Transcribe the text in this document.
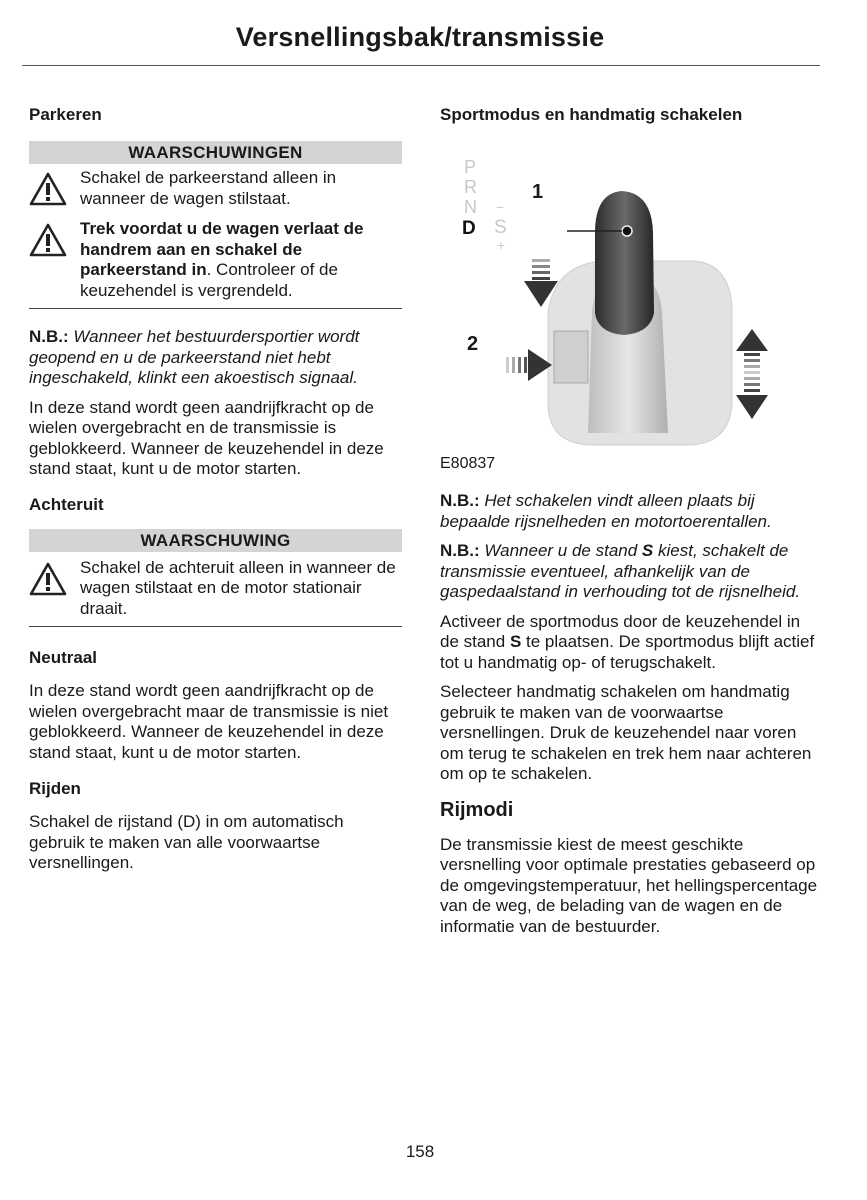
Versnellingsbak/transmissie
Parkeren
WAARSCHUWINGEN
Schakel de parkeerstand alleen in wanneer de wagen stilstaat.
Trek voordat u de wagen verlaat de handrem aan en schakel de parkeerstand in. Controleer of de keuzehendel is vergrendeld.

N.B.: Wanneer het bestuurdersportier wordt geopend en u de parkeerstand niet hebt ingeschakeld, klinkt een akoestisch signaal.

In deze stand wordt geen aandrijfkracht op de wielen overgebracht en de transmissie is geblokkeerd. Wanneer de keuzehendel in deze stand staat, kunt u de motor starten.

Achteruit
WAARSCHUWING
Schakel de achteruit alleen in wanneer de wagen stilstaat en de motor stationair draait.
Neutraal

In deze stand wordt geen aandrijfkracht op de wielen overgebracht maar de transmissie is niet geblokkeerd. Wanneer de keuzehendel in deze stand staat, kunt u de motor starten.

Rijden

Schakel de rijstand (D) in om automatisch gebruik te maken van alle voorwaartse versnellingen.

Sportmodus en handmatig schakelen
P
R
N
D
−
S
+
1
2
E80837

N.B.: Het schakelen vindt alleen plaats bij bepaalde rijsnelheden en motortoerentallen.

N.B.: Wanneer u de stand S kiest, schakelt de transmissie eventueel, afhankelijk van de gaspedaalstand in verhouding tot de rijsnelheid.

Activeer de sportmodus door de keuzehendel in de stand S te plaatsen. De sportmodus blijft actief tot u handmatig op- of terugschakelt.

Selecteer handmatig schakelen om handmatig gebruik te maken van de voorwaartse versnellingen. Druk de keuzehendel naar voren om terug te schakelen en trek hem naar achteren om op te schakelen.

Rijmodi

De transmissie kiest de meest geschikte versnelling voor optimale prestaties gebaseerd op de omgevingstemperatuur, het hellingspercentage van de weg, de belading van de wagen en de informatie van de bestuurder.

158
